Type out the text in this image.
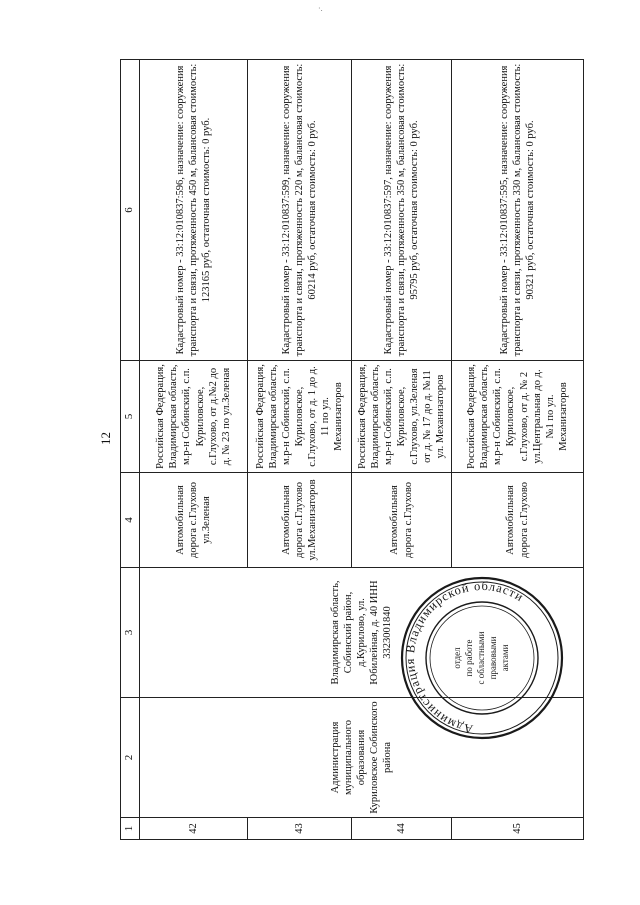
·.
12
1	2	3	4	5	6
42	Администрация муниципального образования Куриловское Собинского района	Владимирская область, Собинский район, д.Курилово, ул. Юбилейная, д. 40 ИНН 3323001840	Автомобильная дорога с.Глухово ул.Зеленая	Российская Федерация, Владимирская область, м.р-н Собинский, с.п. Куриловское, с.Глухово, от д.№2 до д. № 23 по ул.Зеленая	Кадастровый номер - 33:12:010837:596, назначение: сооружения транспорта и связи, протяженность 450 м, балансовая стоимость: 123165 руб, остаточная стоимость: 0 руб.
43			Автомобильная дорога с.Глухово ул.Механизаторов	Российская Федерация, Владимирская область, м.р-н Собинский, с.п. Куриловское, с.Глухово, от д. 1 до д. 11 по ул. Механизаторов	Кадастровый номер - 33:12:010837:599, назначение: сооружения транспорта и связи, протяженность 220 м, балансовая стоимость: 60214 руб, остаточная стоимость: 0 руб.
44			Автомобильная дорога с.Глухово	Российская Федерация, Владимирская область, м.р-н Собинский, с.п. Куриловское, с.Глухово, ул.Зеленая от д. № 17 до д. №11 ул. Механизаторов	Кадастровый номер - 33:12:010837:597, назначение: сооружения транспорта и связи, протяженность 350 м, балансовая стоимость: 95795 руб, остаточная стоимость: 0 руб.
45			Автомобильная дорога с.Глухово	Российская Федерация, Владимирская область, м.р-н Собинский, с.п. Куриловское, с.Глухово, от д. № 2 ул.Центральная до д. №1 по ул. Механизаторов	Кадастровый номер - 33:12:010837:595, назначение: сооружения транспорта и связи, протяженность 330 м, балансовая стоимость: 90321 руб, остаточная стоимость: 0 руб.
Администрация Владимирской области
отдел по работе с областными правовыми актами
